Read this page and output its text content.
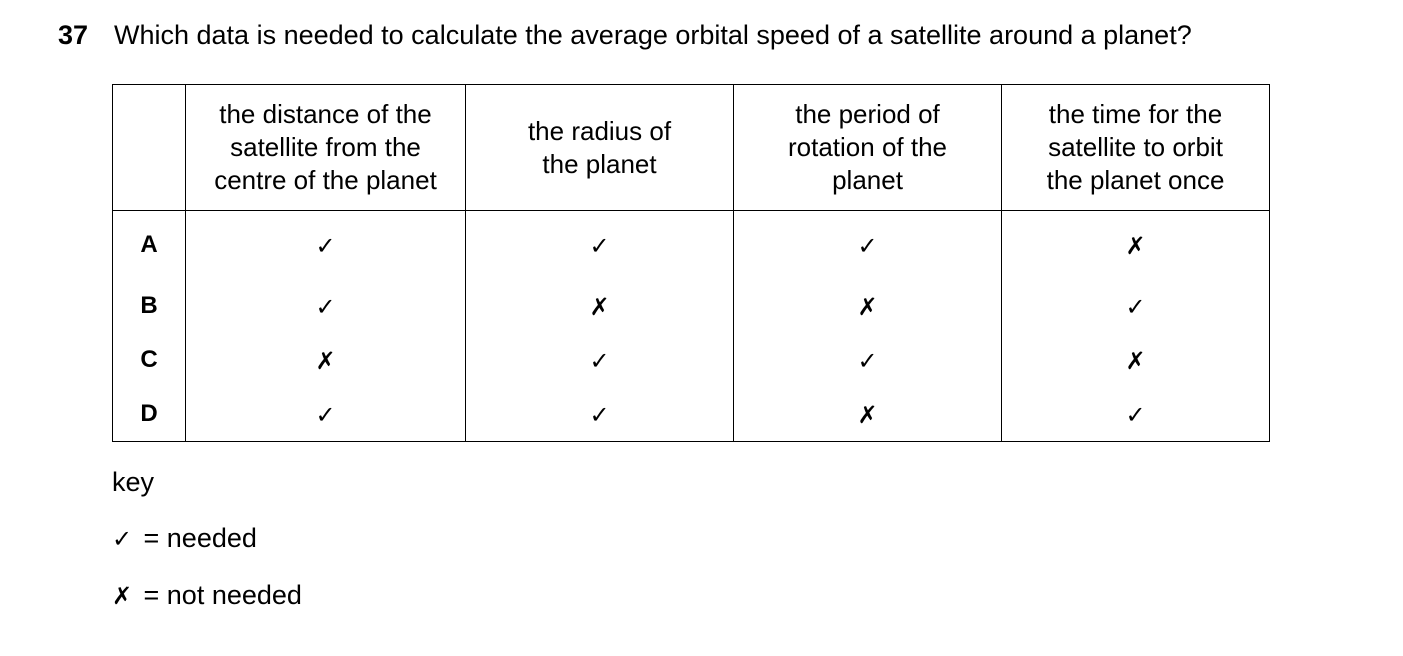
37 Which data is needed to calculate the average orbital speed of a satellite around a planet?
	the distance of the satellite from the centre of the planet	the radius of the planet	the period of rotation of the planet	the time for the satellite to orbit the planet once
A	✓	✓	✓	✗
B	✓	✗	✗	✓
C	✗	✓	✓	✗
D	✓	✓	✗	✓
key
✓ = needed
✗ = not needed
